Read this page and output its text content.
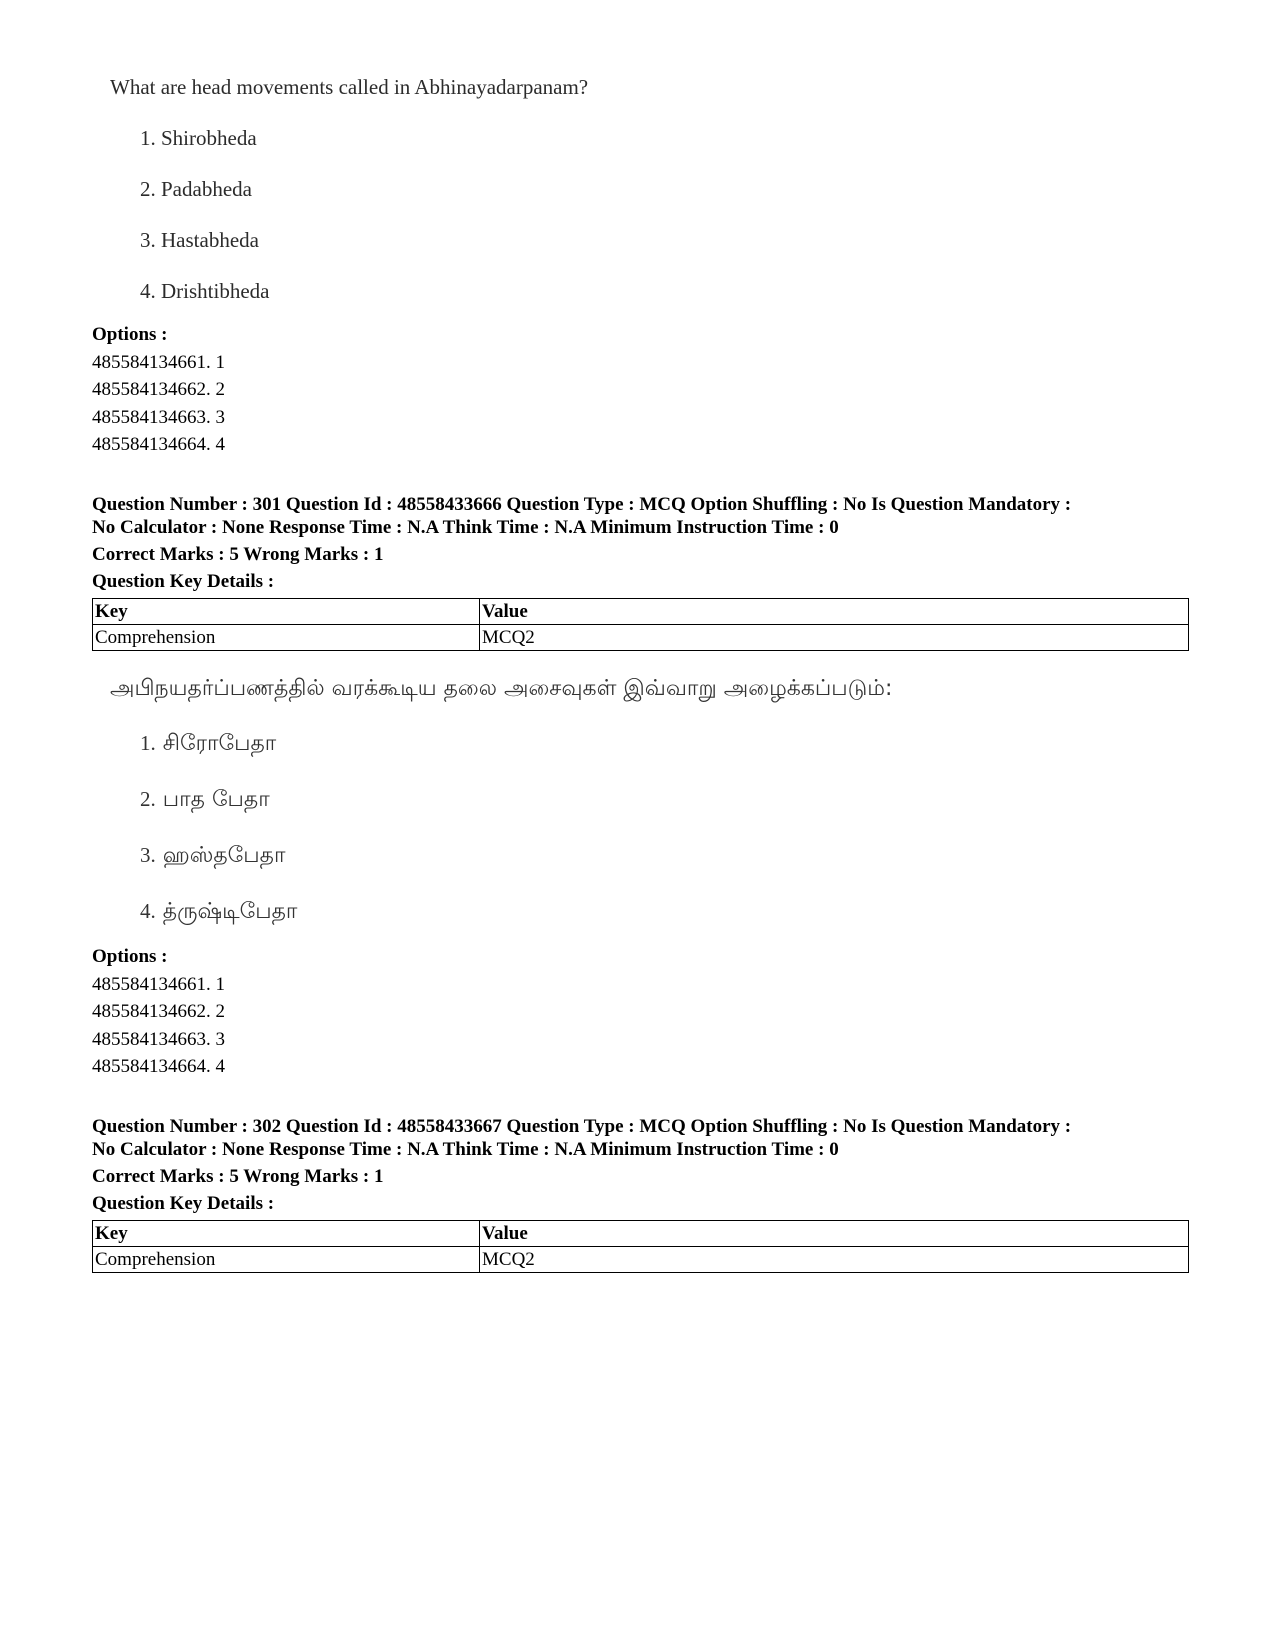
What are head movements called in Abhinayadarpanam?

1. Shirobheda
2. Padabheda
3. Hastabheda
4. Drishtibheda
Options :
485584134661. 1
485584134662. 2
485584134663. 3
485584134664. 4
Question Number : 301 Question Id : 48558433666 Question Type : MCQ Option Shuffling : No Is Question Mandatory :
No Calculator : None Response Time : N.A Think Time : N.A Minimum Instruction Time : 0
Correct Marks : 5 Wrong Marks : 1
Question Key Details :
Key	Value
Comprehension	MCQ2

அபிநயதர்ப்பணத்தில் வரக்கூடிய தலை அசைவுகள் இவ்வாறு அழைக்கப்படும்:

1. சிரோபேதா
2. பாத பேதா
3. ஹஸ்தபேதா
4. த்ருஷ்டிபேதா
Options :
485584134661. 1
485584134662. 2
485584134663. 3
485584134664. 4
Question Number : 302 Question Id : 48558433667 Question Type : MCQ Option Shuffling : No Is Question Mandatory :
No Calculator : None Response Time : N.A Think Time : N.A Minimum Instruction Time : 0
Correct Marks : 5 Wrong Marks : 1
Question Key Details :
Key	Value
Comprehension	MCQ2
